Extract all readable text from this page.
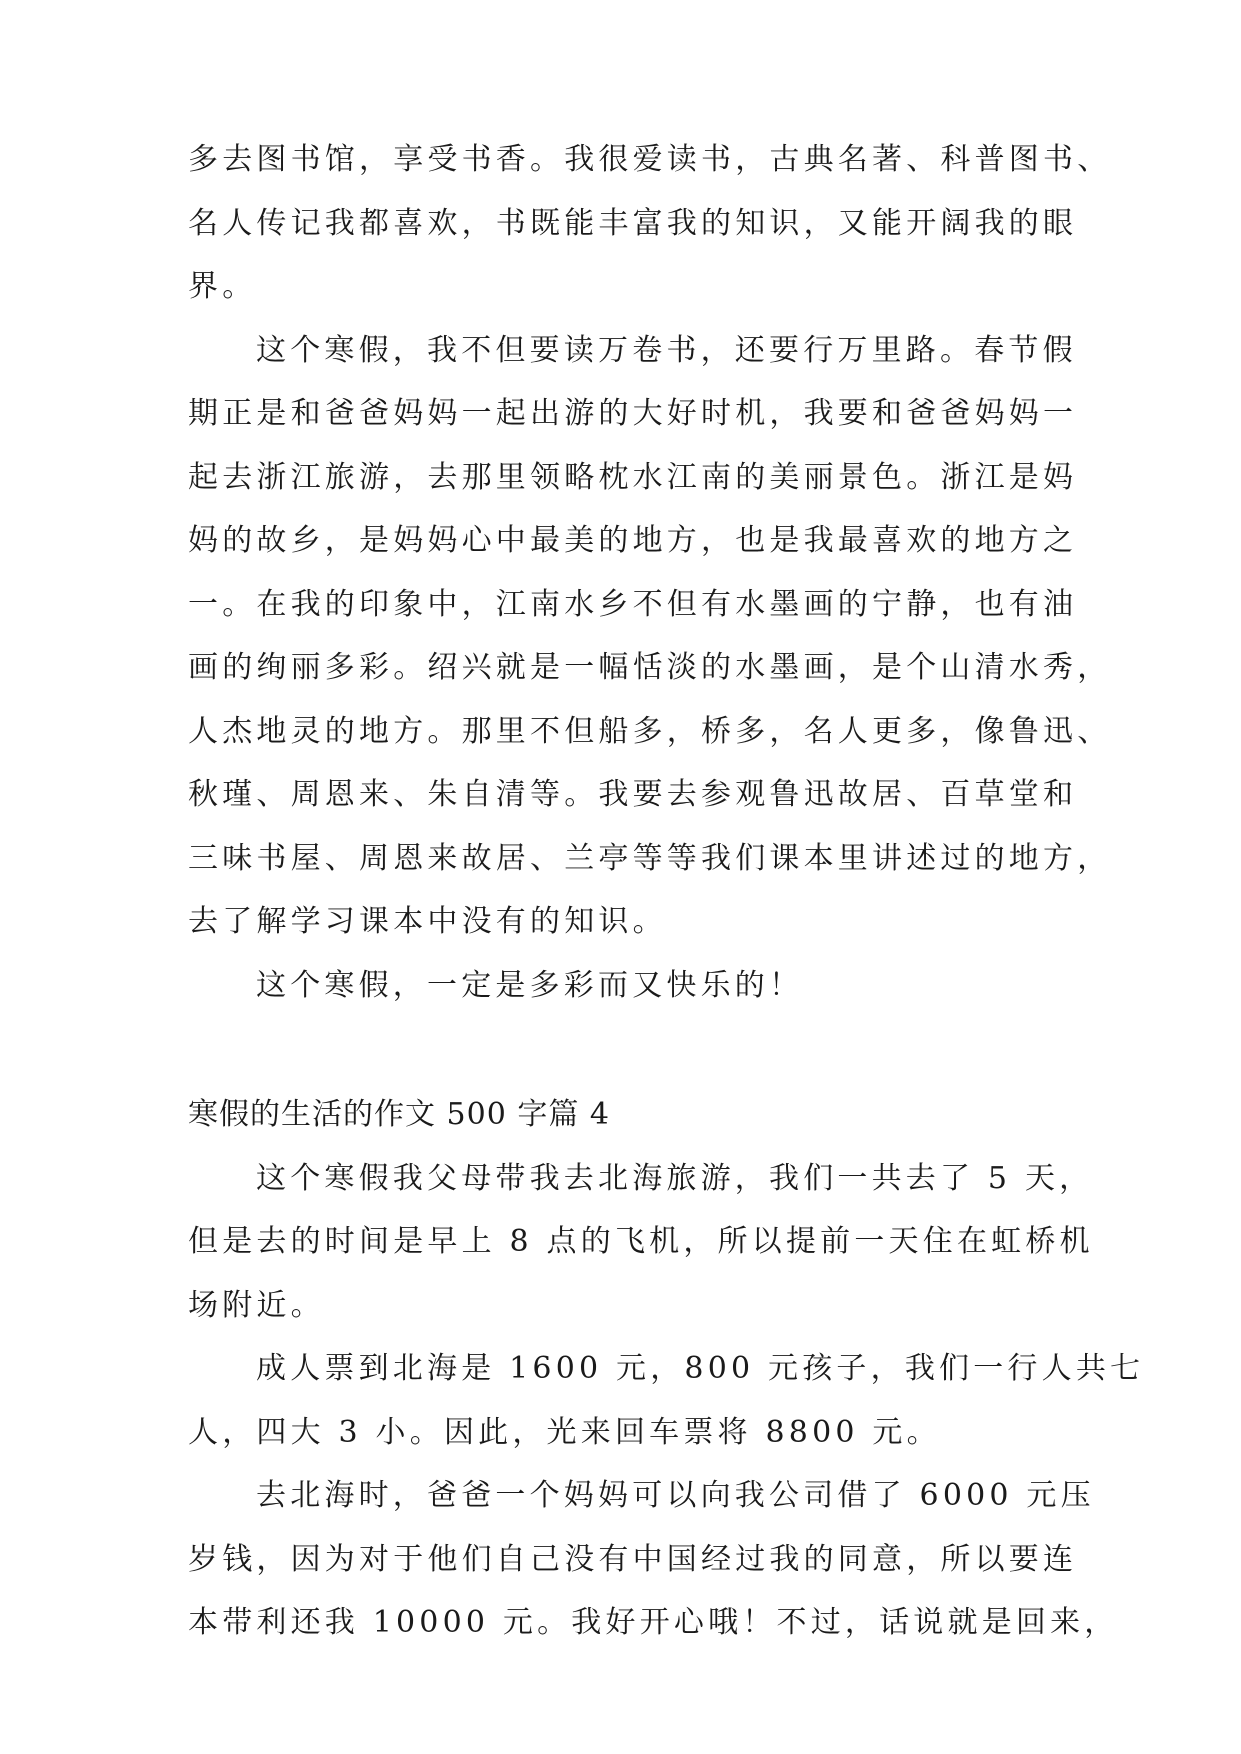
多去图书馆，享受书香。我很爱读书，古典名著、科普图书、
名人传记我都喜欢，书既能丰富我的知识，又能开阔我的眼
界。
这个寒假，我不但要读万卷书，还要行万里路。春节假
期正是和爸爸妈妈一起出游的大好时机，我要和爸爸妈妈一
起去浙江旅游，去那里领略枕水江南的美丽景色。浙江是妈
妈的故乡，是妈妈心中最美的地方，也是我最喜欢的地方之
一。在我的印象中，江南水乡不但有水墨画的宁静，也有油
画的绚丽多彩。绍兴就是一幅恬淡的水墨画，是个山清水秀，
人杰地灵的地方。那里不但船多，桥多，名人更多，像鲁迅、
秋瑾、周恩来、朱自清等。我要去参观鲁迅故居、百草堂和
三味书屋、周恩来故居、兰亭等等我们课本里讲述过的地方，
去了解学习课本中没有的知识。
这个寒假，一定是多彩而又快乐的！
寒假的生活的作文 500 字篇 4
这个寒假我父母带我去北海旅游，我们一共去了 5 天，
但是去的时间是早上 8 点的飞机，所以提前一天住在虹桥机
场附近。
成人票到北海是 1600 元，800 元孩子，我们一行人共七
人，四大 3 小。因此，光来回车票将 8800 元。
去北海时，爸爸一个妈妈可以向我公司借了 6000 元压
岁钱，因为对于他们自己没有中国经过我的同意，所以要连
本带利还我 10000 元。我好开心哦！不过，话说就是回来，
